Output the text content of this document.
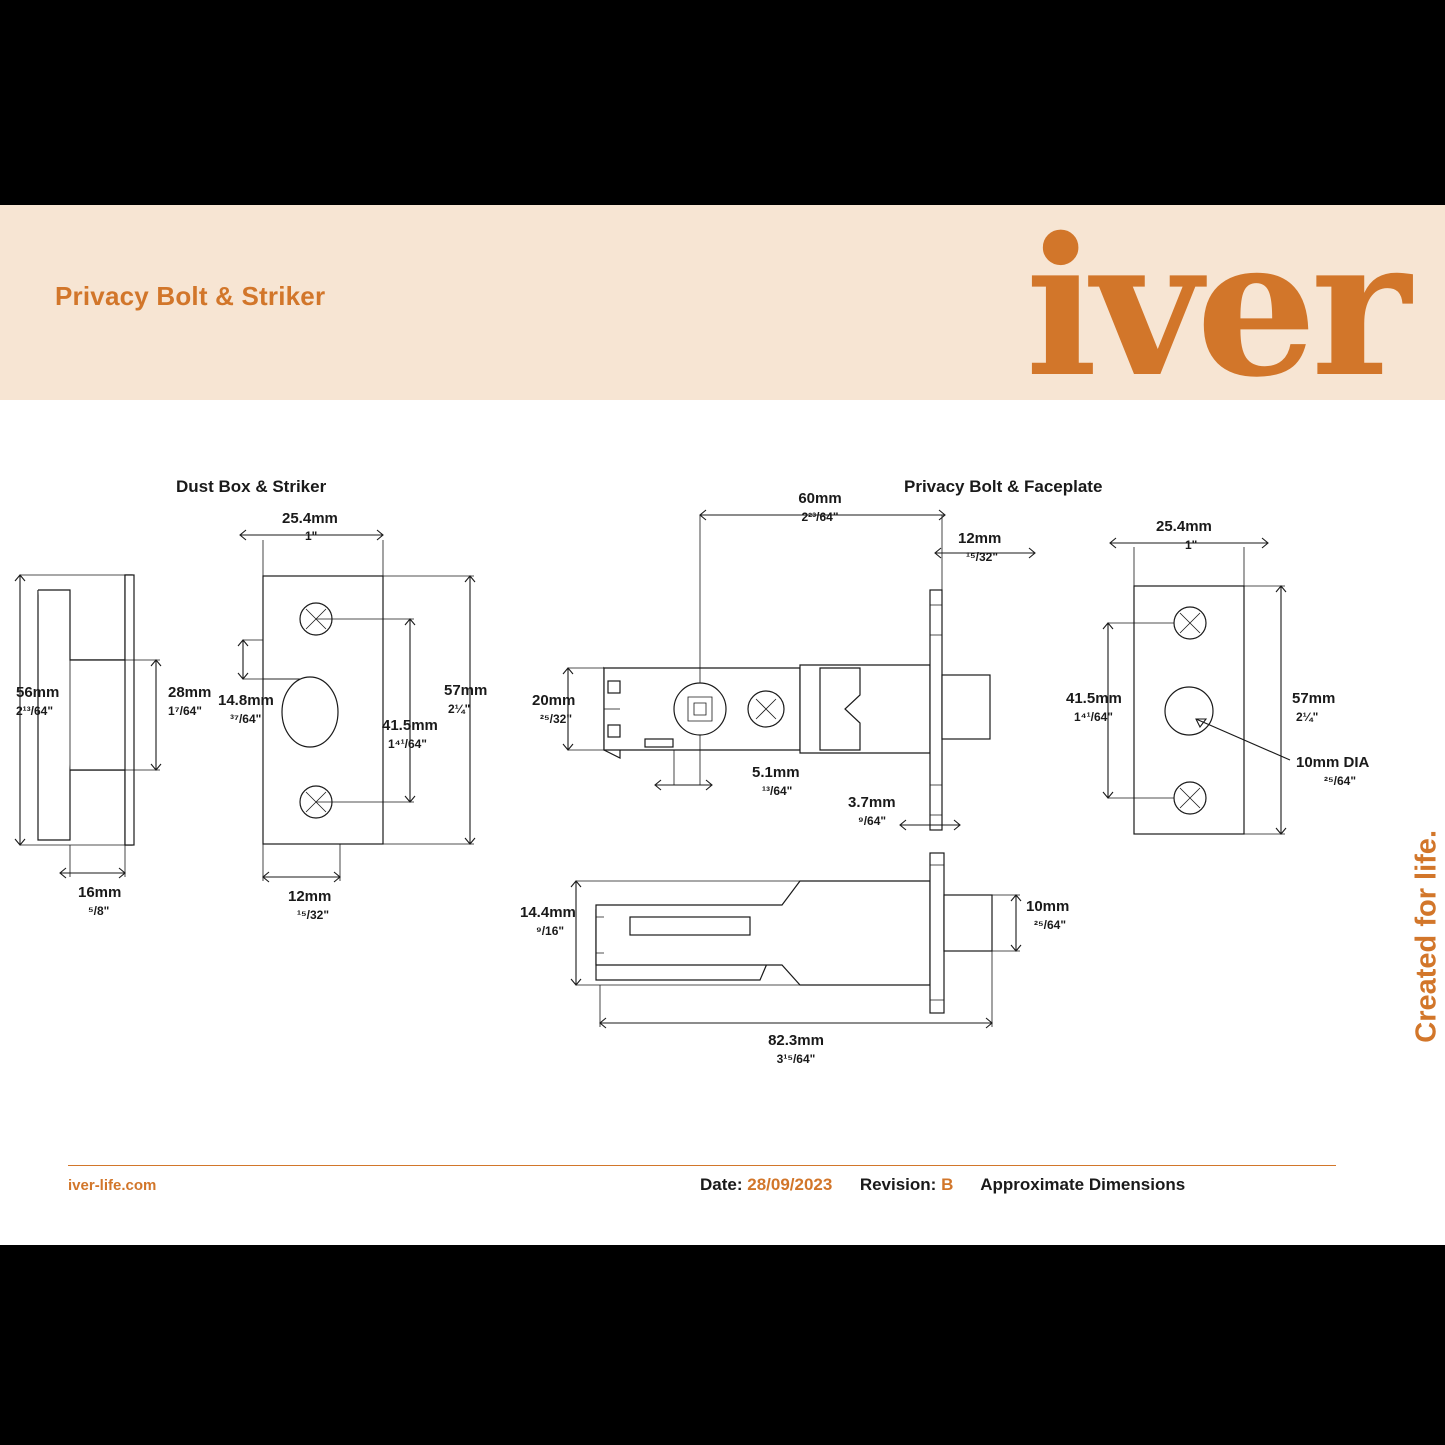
Privacy Bolt & Striker	iver
Dust Box & Striker	Privacy Bolt & Faceplate
56mm
2¹³/64"
28mm
1⁷/64"
16mm
⁵/8"
25.4mm
1"
57mm
2¼"
41.5mm
1⁴¹/64"
14.8mm
³⁷/64"
12mm
¹⁵/32"
60mm
2²³/64"
12mm
¹⁵/32"
20mm
²⁵/32"
5.1mm
¹³/64"
3.7mm
⁹/64"
25.4mm
1"
41.5mm
1⁴¹/64"
57mm
2¼"
10mm DIA
²⁵/64"
14.4mm
⁹/16"
10mm
²⁵/64"
82.3mm
3¹⁵/64"
iver-life.com	Date: 28/09/2023 Revision: B Approximate Dimensions
Created for life.
